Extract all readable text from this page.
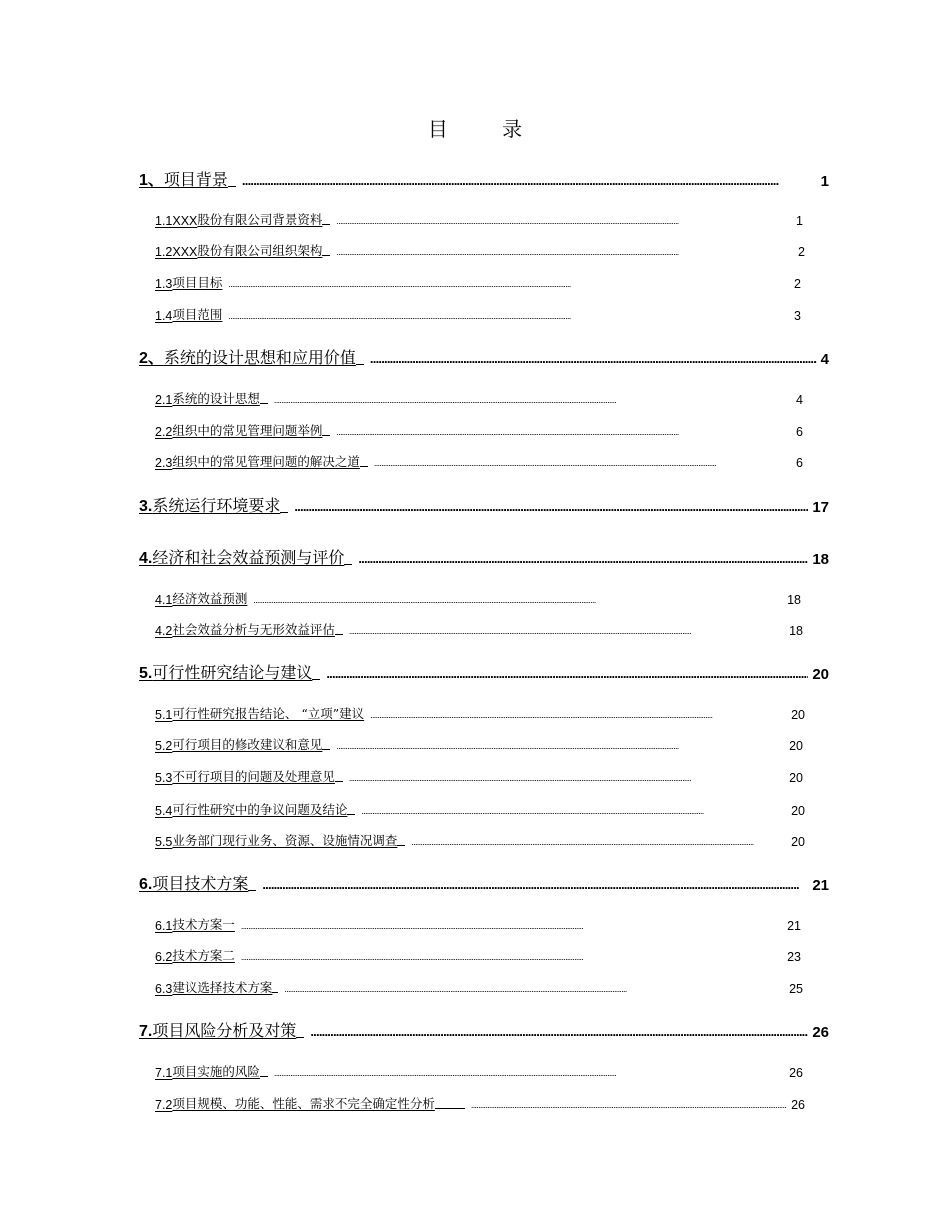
目 录
1、 项目背景 . . .	1
1.1XXX 股份有限公司背景资料 . . .	1
1.2XXX 股份有限公司组织架构 . . .	2
1.3 项目目标 . . .	2
1.4 项目范围 . . .	3
2、 系统的设计思想和应用价值 . . .	4
2.1 系统的设计思想 . . .	4
2.2 组织中的常见管理问题举例 . . .	6
2.3 组织中的常见管理问题的解决之道 . . .	6
3. 系统运行环境要求 . . .	17
4. 经济和社会效益预测与评价 . . .	18
4.1 经济效益预测 . . .	18
4.2 社会效益分析与无形效益评估 . . .	18
5. 可行性研究结论与建议 . . .	20
5.1 可行性研究报告结论、 “立项”建议 . . .	20
5.2 可行项目的修改建议和意见 . . .	20
5.3 不可行项目的问题及处理意见 . . .	20
5.4 可行性研究中的争议问题及结论 . . .	20
5.5 业务部门现行业务、资源、设施情况调查 . . .	20
6. 项目技术方案 . . .	21
6.1 技术方案一 . . .	21
6.2 技术方案二 . . .	23
6.3 建议选择技术方案 . . .	25
7. 项目风险分析及对策 . . .	26
7.1 项目实施的风险 . . .	26
7.2 项目规模、功能、性能、需求不完全确定性分析 . . .	26
